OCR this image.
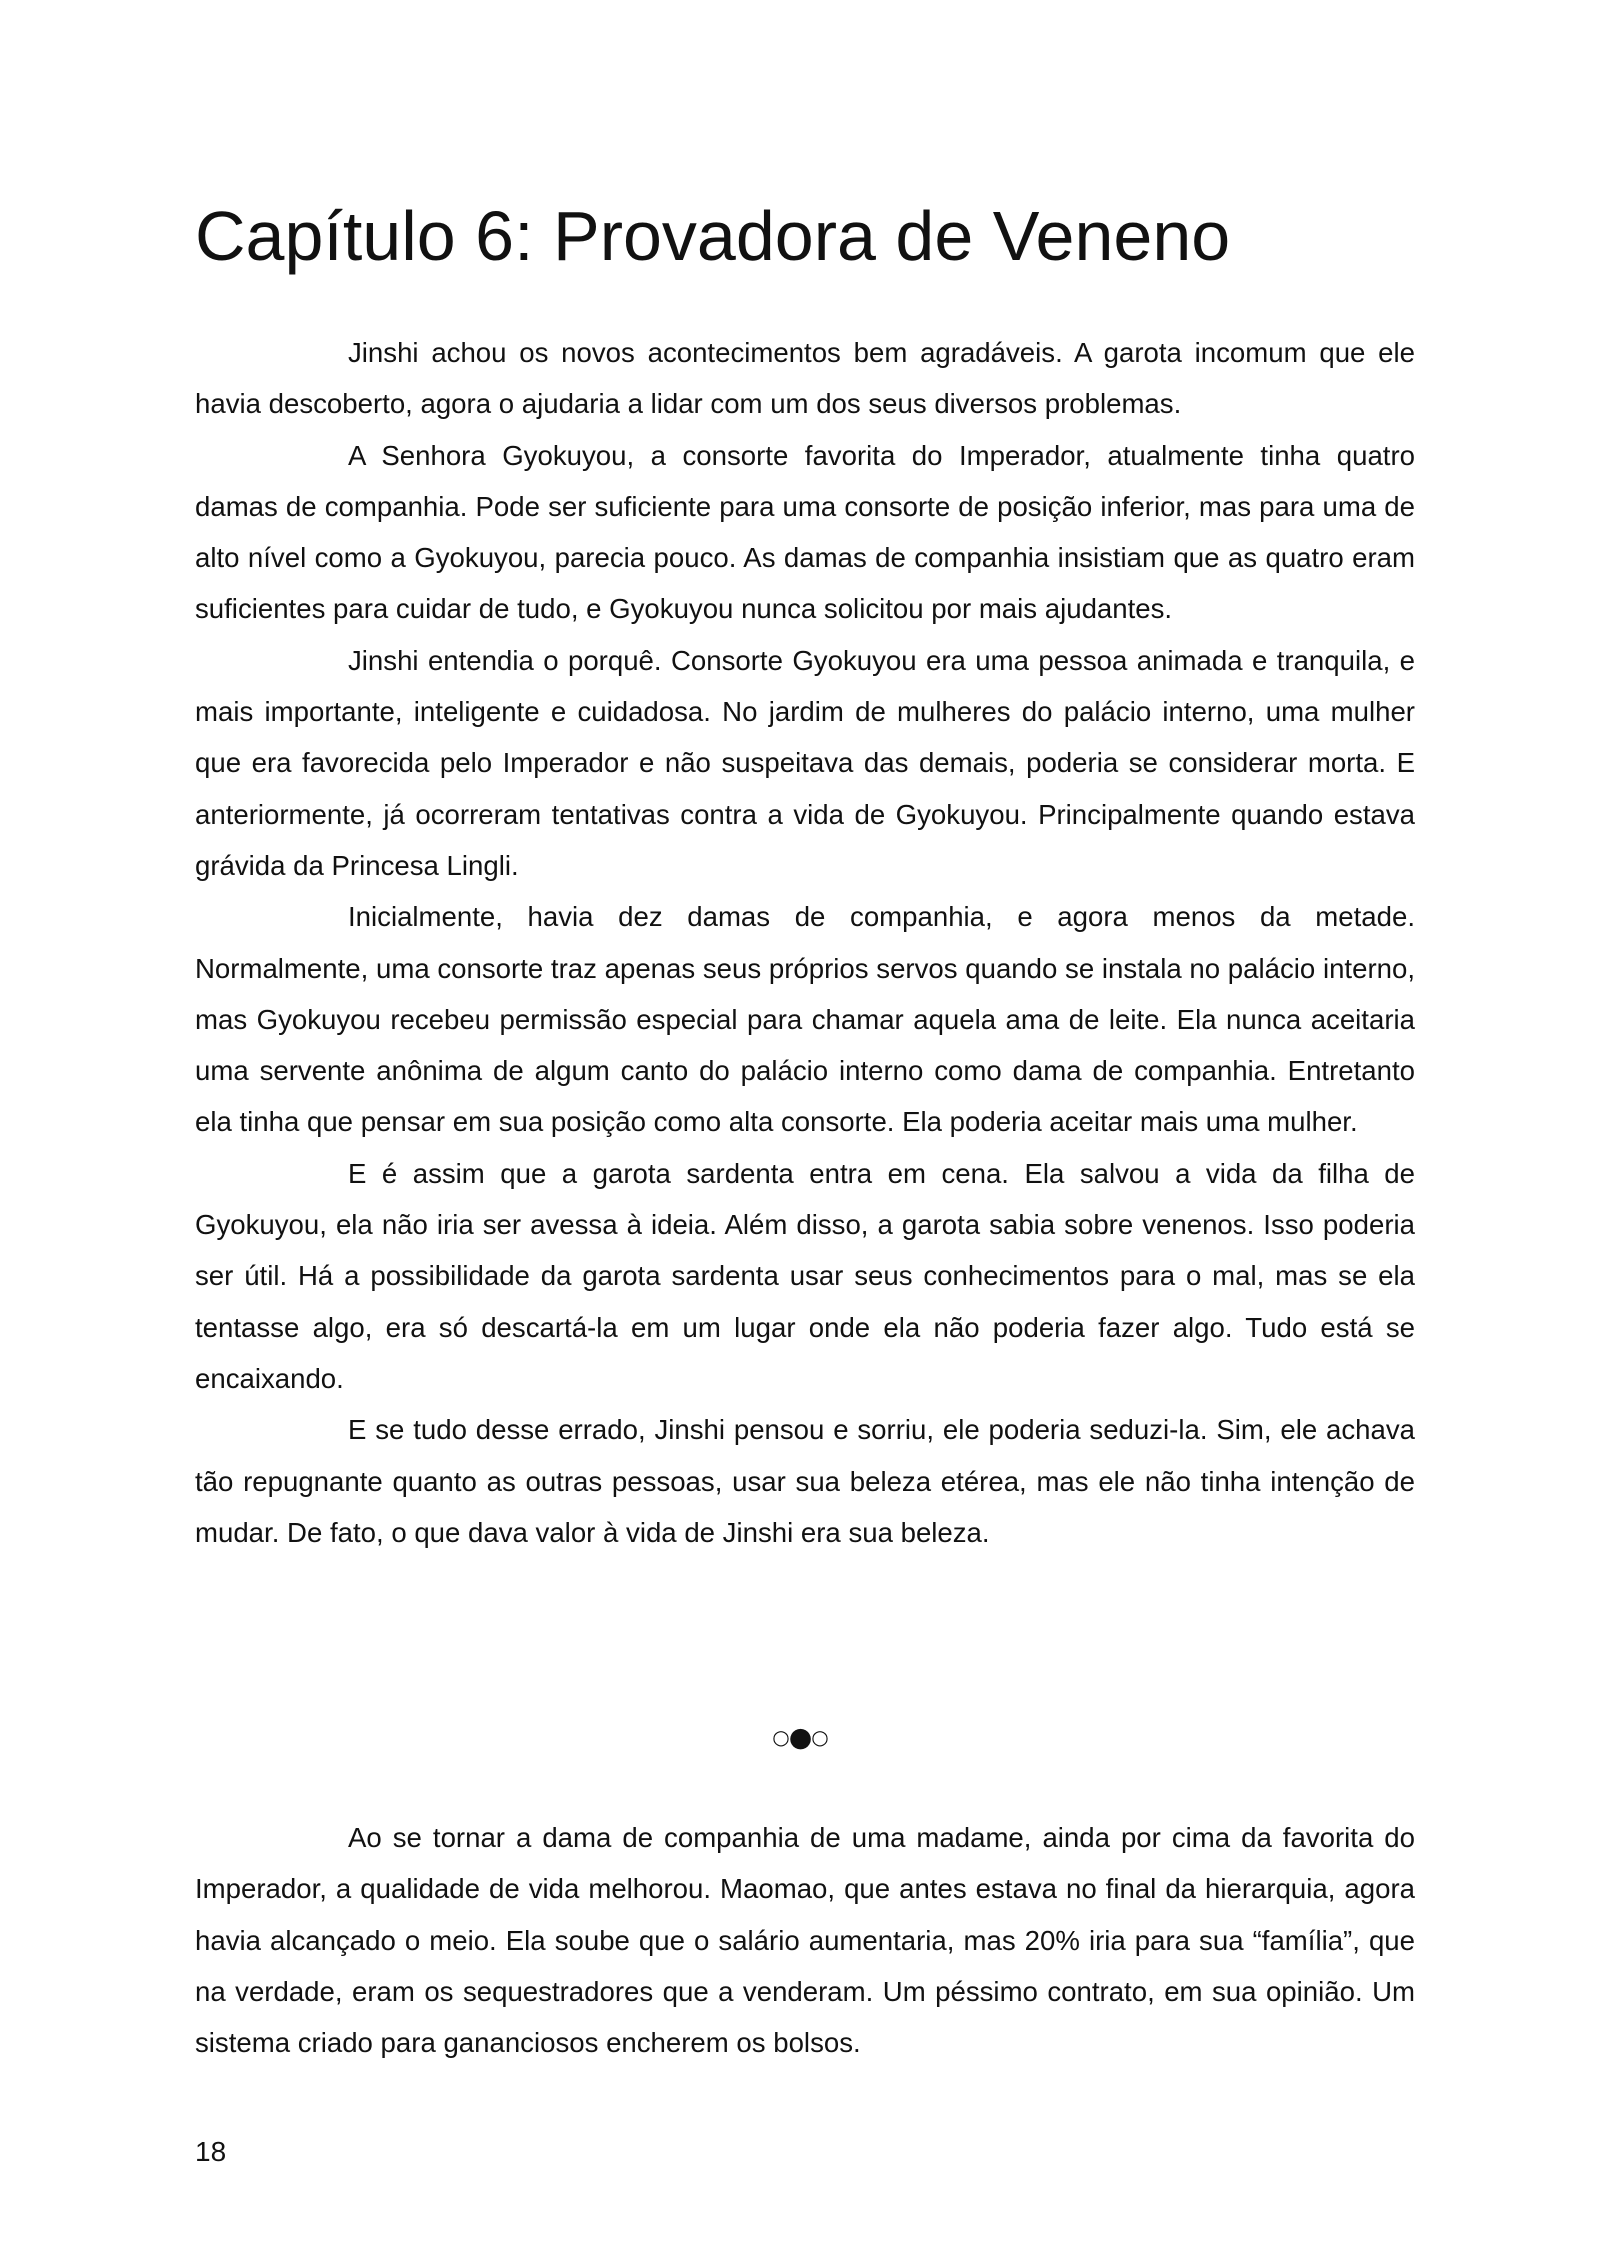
Capítulo 6: Provadora de Veneno

Jinshi achou os novos acontecimentos bem agradáveis. A garota incomum que ele havia descoberto, agora o ajudaria a lidar com um dos seus diversos problemas.

A Senhora Gyokuyou, a consorte favorita do Imperador, atualmente tinha quatro damas de companhia. Pode ser suficiente para uma consorte de posição inferior, mas para uma de alto nível como a Gyokuyou, parecia pouco. As damas de companhia insistiam que as quatro eram suficientes para cuidar de tudo, e Gyokuyou nunca solicitou por mais ajudantes.

Jinshi entendia o porquê. Consorte Gyokuyou era uma pessoa animada e tranquila, e mais importante, inteligente e cuidadosa. No jardim de mulheres do palácio interno, uma mulher que era favorecida pelo Imperador e não suspeitava das demais, poderia se considerar morta. E anteriormente, já ocorreram tentativas contra a vida de Gyokuyou. Principalmente quando estava grávida da Princesa Lingli.

Inicialmente, havia dez damas de companhia, e agora menos da metade. Normalmente, uma consorte traz apenas seus próprios servos quando se instala no palácio interno, mas Gyokuyou recebeu permissão especial para chamar aquela ama de leite. Ela nunca aceitaria uma servente anônima de algum canto do palácio interno como dama de companhia. Entretanto ela tinha que pensar em sua posição como alta consorte. Ela poderia aceitar mais uma mulher.

E é assim que a garota sardenta entra em cena. Ela salvou a vida da filha de Gyokuyou, ela não iria ser avessa à ideia. Além disso, a garota sabia sobre venenos. Isso poderia ser útil. Há a possibilidade da garota sardenta usar seus conhecimentos para o mal, mas se ela tentasse algo, era só descartá-la em um lugar onde ela não poderia fazer algo. Tudo está se encaixando.

E se tudo desse errado, Jinshi pensou e sorriu, ele poderia seduzi-la. Sim, ele achava tão repugnante quanto as outras pessoas, usar sua beleza etérea, mas ele não tinha intenção de mudar. De fato, o que dava valor à vida de Jinshi era sua beleza.

○●○

Ao se tornar a dama de companhia de uma madame, ainda por cima da favorita do Imperador, a qualidade de vida melhorou. Maomao, que antes estava no final da hierarquia, agora havia alcançado o meio. Ela soube que o salário aumentaria, mas 20% iria para sua “família”, que na verdade, eram os sequestradores que a venderam. Um péssimo contrato, em sua opinião. Um sistema criado para gananciosos encherem os bolsos.

18
